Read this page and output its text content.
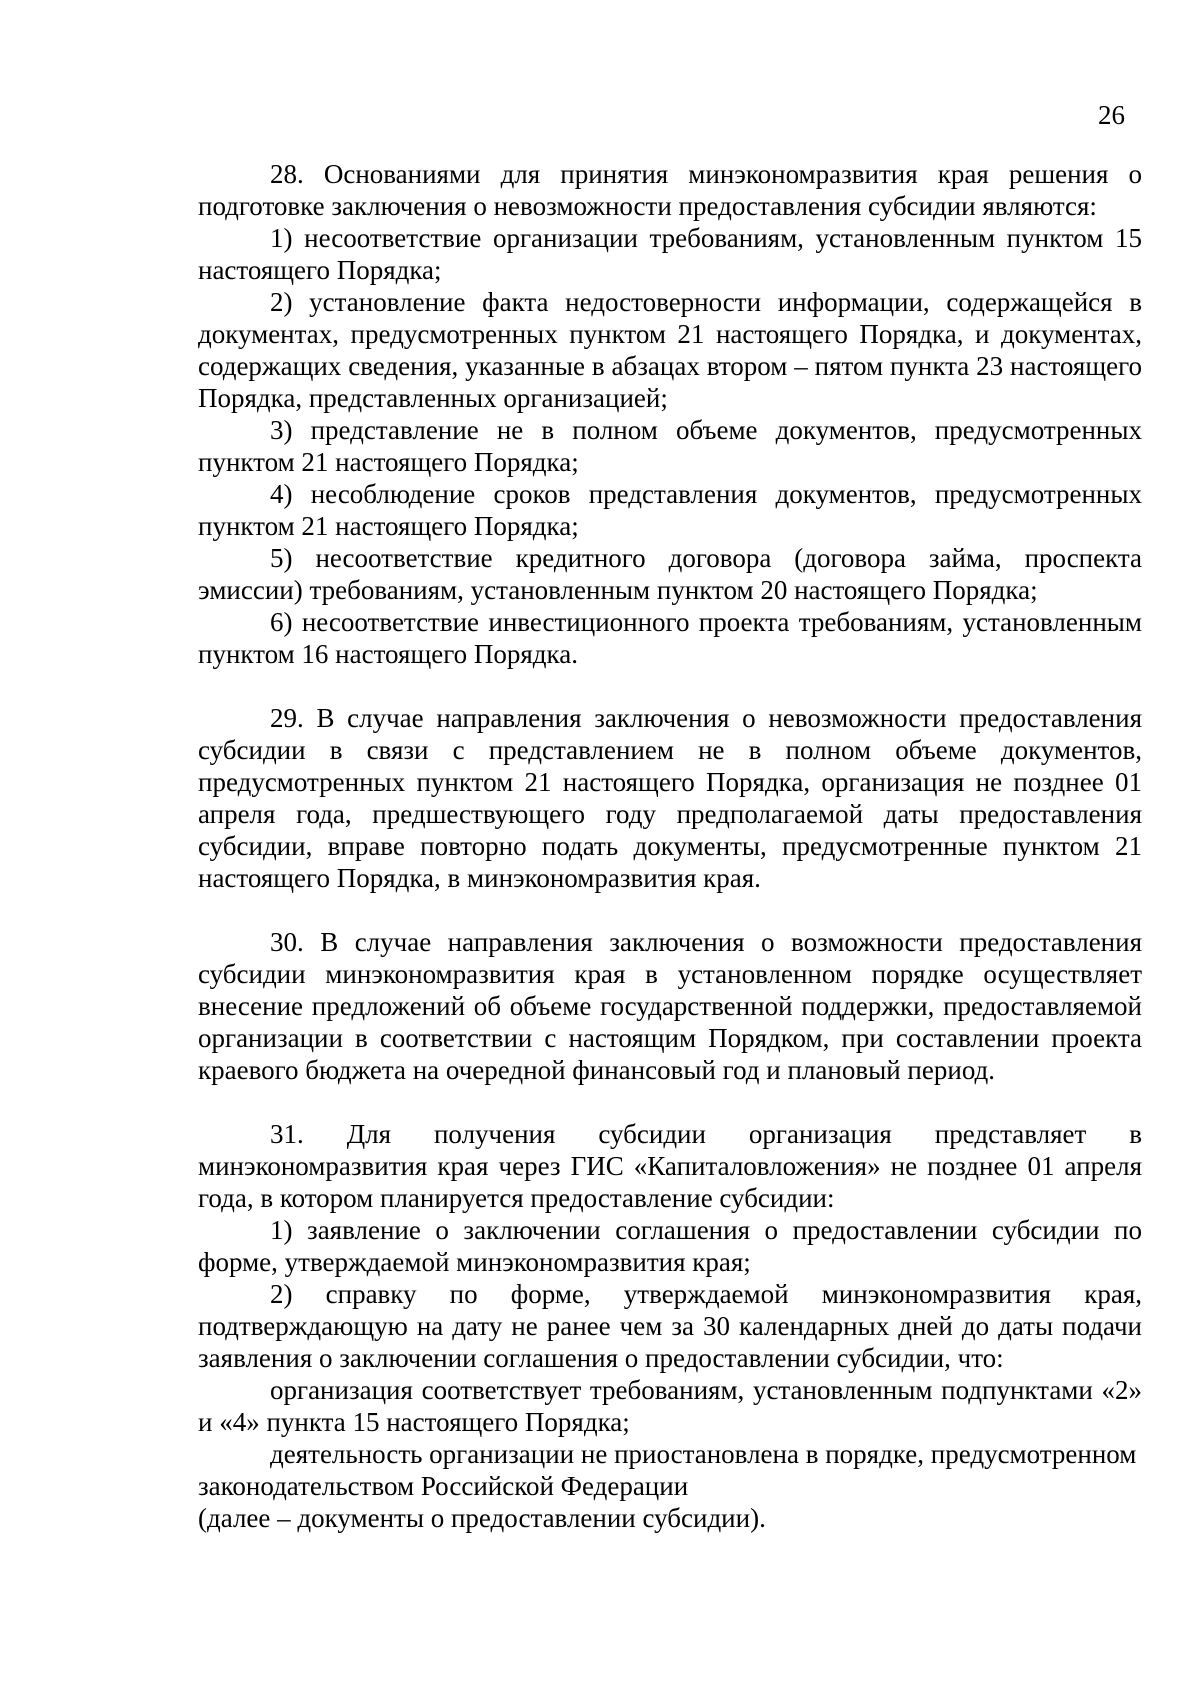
26

28. Основаниями для принятия минэкономразвития края решения о подготовке заключения о невозможности предоставления субсидии являются:

1) несоответствие организации требованиям, установленным пунктом 15 настоящего Порядка;

2) установление факта недостоверности информации, содержащейся в документах, предусмотренных пунктом 21 настоящего Порядка, и документах, содержащих сведения, указанные в абзацах втором – пятом пункта 23 настоящего Порядка, представленных организацией;

3) представление не в полном объеме документов, предусмотренных пунктом 21 настоящего Порядка;

4) несоблюдение сроков представления документов, предусмотренных пунктом 21 настоящего Порядка;

5) несоответствие кредитного договора (договора займа, проспекта эмиссии) требованиям, установленным пунктом 20 настоящего Порядка;

6) несоответствие инвестиционного проекта требованиям, установленным пунктом 16 настоящего Порядка.

29. В случае направления заключения о невозможности предоставления субсидии в связи с представлением не в полном объеме документов, предусмотренных пунктом 21 настоящего Порядка, организация не позднее 01 апреля года, предшествующего году предполагаемой даты предоставления субсидии, вправе повторно подать документы, предусмотренные пунктом 21 настоящего Порядка, в минэкономразвития края.

30. В случае направления заключения о возможности предоставления субсидии минэкономразвития края в установленном порядке осуществляет внесение предложений об объеме государственной поддержки, предоставляемой организации в соответствии с настоящим Порядком, при составлении проекта краевого бюджета на очередной финансовый год и плановый период.

31. Для получения субсидии организация представляет в минэкономразвития края через ГИС «Капиталовложения» не позднее 01 апреля года, в котором планируется предоставление субсидии:

1) заявление о заключении соглашения о предоставлении субсидии по форме, утверждаемой минэкономразвития края;

2) справку по форме, утверждаемой минэкономразвития края, подтверждающую на дату не ранее чем за 30 календарных дней до даты подачи заявления о заключении соглашения о предоставлении субсидии, что:

организация соответствует требованиям, установленным подпунктами «2» и «4» пункта 15 настоящего Порядка;

деятельность организации не приостановлена в порядке, предусмотренном законодательством Российской Федерации

(далее – документы о предоставлении субсидии).
